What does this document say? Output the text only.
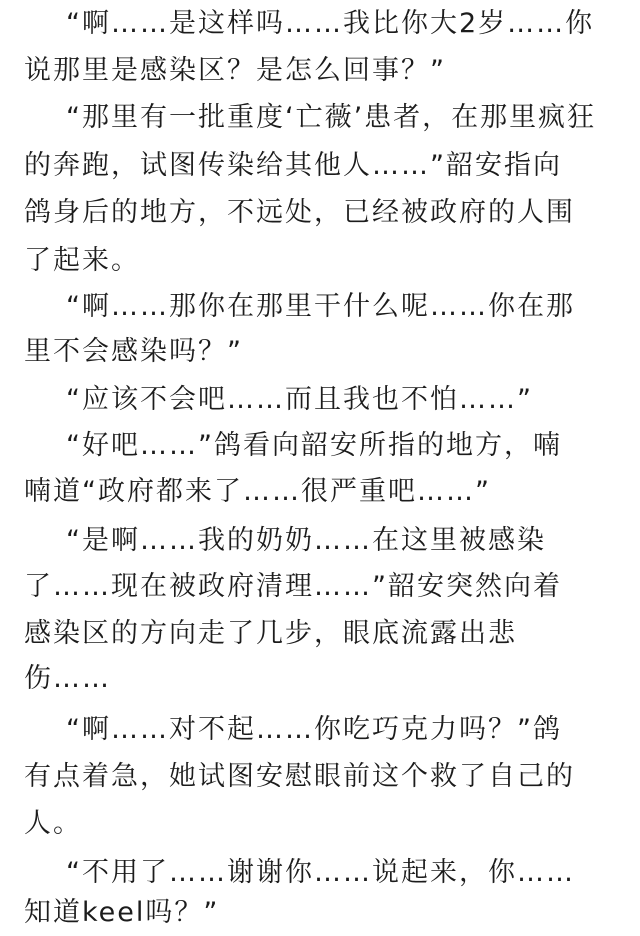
“啊……是这样吗……我比你大2岁……你
说那里是感染区？是怎么回事？”
“那里有一批重度‘亡薇’患者，在那里疯狂
的奔跑，试图传染给其他人……”韶安指向
鸽身后的地方，不远处，已经被政府的人围
了起来。
“啊……那你在那里干什么呢……你在那
里不会感染吗？”
“应该不会吧……而且我也不怕……”
“好吧……”鸽看向韶安所指的地方，喃
喃道“政府都来了……很严重吧……”
“是啊……我的奶奶……在这里被感染
了……现在被政府清理……”韶安突然向着
感染区的方向走了几步，眼底流露出悲
伤……
“啊……对不起……你吃巧克力吗？”鸽
有点着急，她试图安慰眼前这个救了自己的
人。
“不用了……谢谢你……说起来，你……
知道keel吗？”
